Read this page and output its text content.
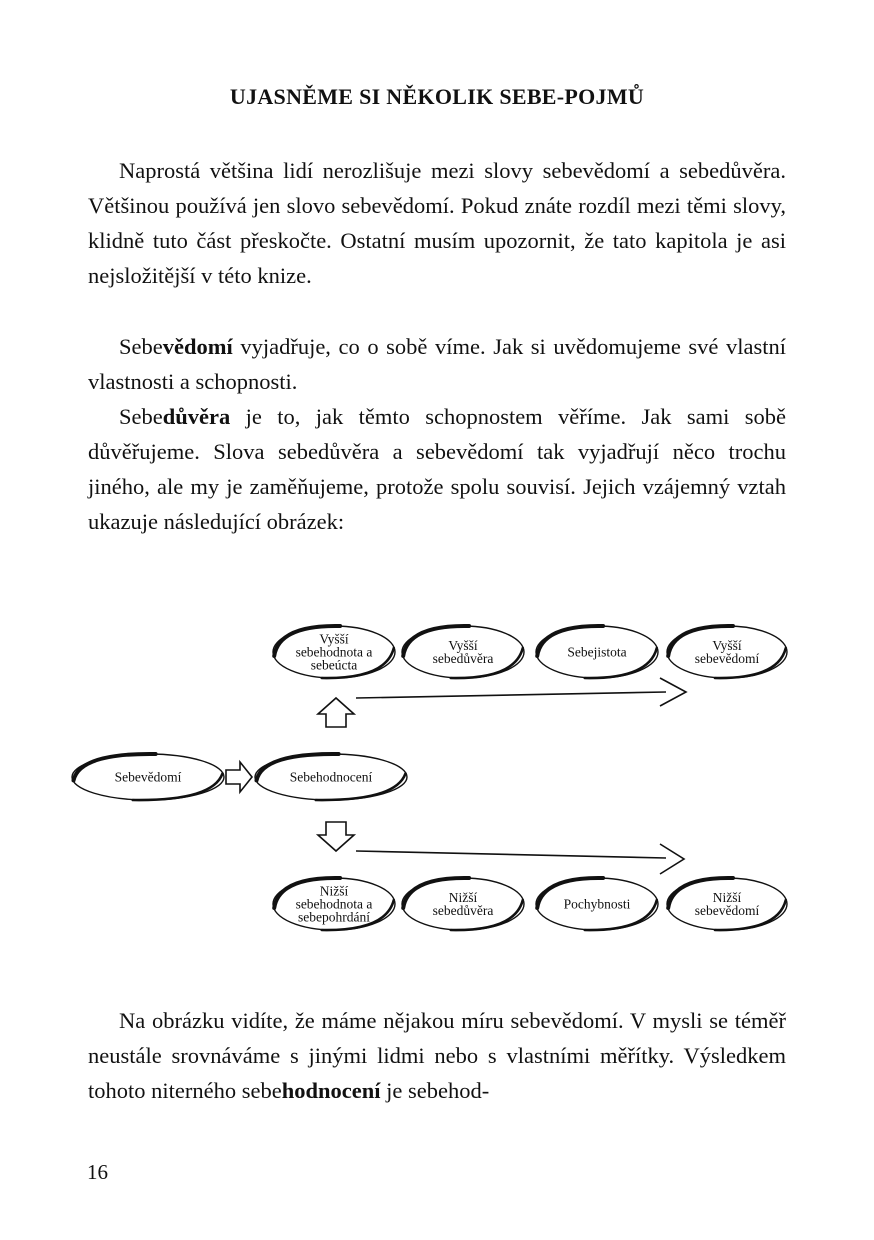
UJASNĚME SI NĚKOLIK SEBE-POJMŮ

Naprostá většina lidí nerozlišuje mezi slovy sebevědomí a sebedůvěra. Většinou používá jen slovo sebevědomí. Pokud znáte rozdíl mezi těmi slovy, klidně tuto část přeskočte. Ostatní musím upozornit, že tato kapitola je asi nejsložitější v této knize.

Sebevědomí vyjadřuje, co o sobě víme. Jak si uvědomujeme své vlastní vlastnosti a schopnosti.

Sebedůvěra je to, jak těmto schopnostem věříme. Jak sami sobě důvěřujeme. Slova sebedůvěra a sebevědomí tak vyjadřují něco trochu jiného, ale my je zaměňujeme, protože spolu souvisí. Jejich vzájemný vztah ukazuje následující obrázek:

Sebevědomí	Sebehodnocení
Vyšší
sebehodnota a
sebeúcta
Vyšší
sebedůvěra	Sebejistota	Vyšší
sebevědomí
Nižší
sebehodnota a
sebepohrdání
Nižší
sebedůvěra	Pochybnosti	Nižší
sebevědomí

Na obrázku vidíte, že máme nějakou míru sebevědomí. V mysli se téměř neustále srovnáváme s jinými lidmi nebo s vlastními měřítky. Výsledkem tohoto niterného sebehodnocení je sebehod-

16
